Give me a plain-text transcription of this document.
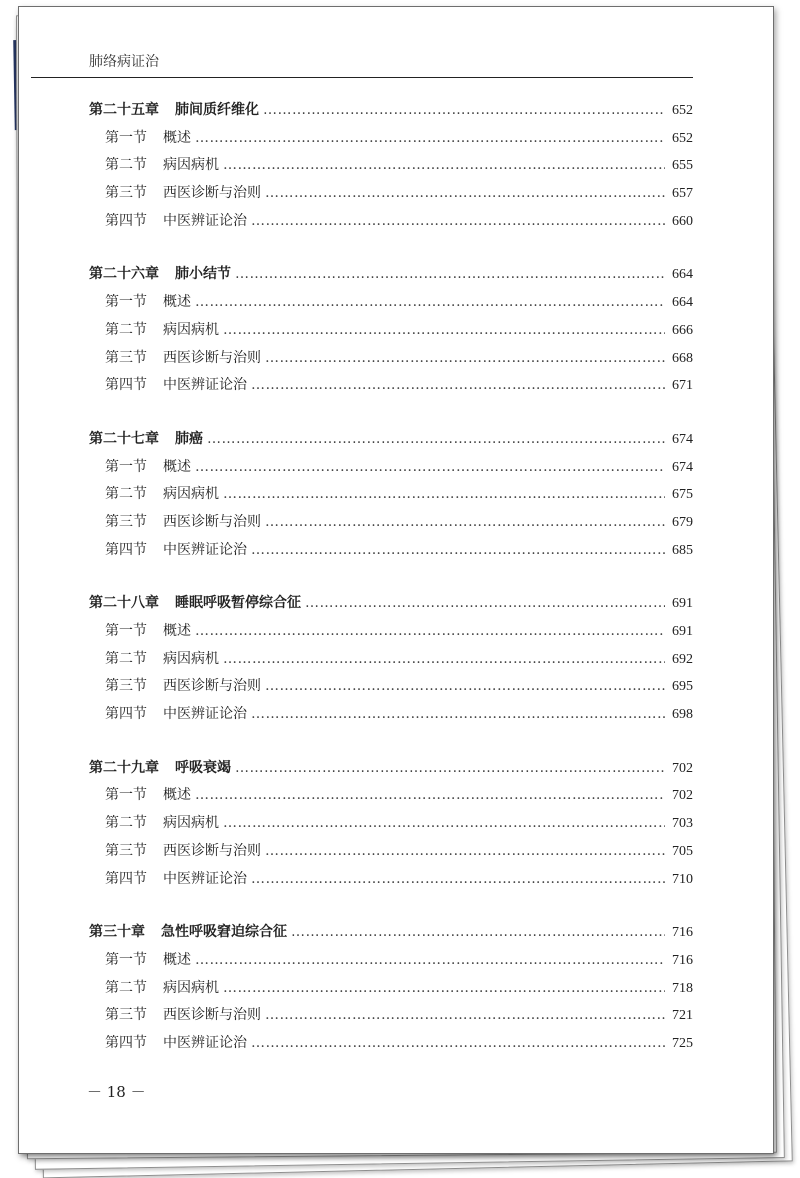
肺络病证治
第二十五章 肺间质纤维化 ……………………………………………………………………………………………………………………………………………………………………………………	652
第一节 概述 ……………………………………………………………………………………………………………………………………………………………………………………	652
第二节 病因病机 ……………………………………………………………………………………………………………………………………………………………………………………	655
第三节 西医诊断与治则 ……………………………………………………………………………………………………………………………………………………………………………………	657
第四节 中医辨证论治 ……………………………………………………………………………………………………………………………………………………………………………………	660
第二十六章 肺小结节 ……………………………………………………………………………………………………………………………………………………………………………………	664
第一节 概述 ……………………………………………………………………………………………………………………………………………………………………………………	664
第二节 病因病机 ……………………………………………………………………………………………………………………………………………………………………………………	666
第三节 西医诊断与治则 ……………………………………………………………………………………………………………………………………………………………………………………	668
第四节 中医辨证论治 ……………………………………………………………………………………………………………………………………………………………………………………	671
第二十七章 肺癌 ……………………………………………………………………………………………………………………………………………………………………………………	674
第一节 概述 ……………………………………………………………………………………………………………………………………………………………………………………	674
第二节 病因病机 ……………………………………………………………………………………………………………………………………………………………………………………	675
第三节 西医诊断与治则 ……………………………………………………………………………………………………………………………………………………………………………………	679
第四节 中医辨证论治 ……………………………………………………………………………………………………………………………………………………………………………………	685
第二十八章 睡眠呼吸暂停综合征 ……………………………………………………………………………………………………………………………………………………………………………………	691
第一节 概述 ……………………………………………………………………………………………………………………………………………………………………………………	691
第二节 病因病机 ……………………………………………………………………………………………………………………………………………………………………………………	692
第三节 西医诊断与治则 ……………………………………………………………………………………………………………………………………………………………………………………	695
第四节 中医辨证论治 ……………………………………………………………………………………………………………………………………………………………………………………	698
第二十九章 呼吸衰竭 ……………………………………………………………………………………………………………………………………………………………………………………	702
第一节 概述 ……………………………………………………………………………………………………………………………………………………………………………………	702
第二节 病因病机 ……………………………………………………………………………………………………………………………………………………………………………………	703
第三节 西医诊断与治则 ……………………………………………………………………………………………………………………………………………………………………………………	705
第四节 中医辨证论治 ……………………………………………………………………………………………………………………………………………………………………………………	710
第三十章 急性呼吸窘迫综合征 ……………………………………………………………………………………………………………………………………………………………………………………	716
第一节 概述 ……………………………………………………………………………………………………………………………………………………………………………………	716
第二节 病因病机 ……………………………………………………………………………………………………………………………………………………………………………………	718
第三节 西医诊断与治则 ……………………………………………………………………………………………………………………………………………………………………………………	721
第四节 中医辨证论治 ……………………………………………………………………………………………………………………………………………………………………………………	725
－ 18 －
